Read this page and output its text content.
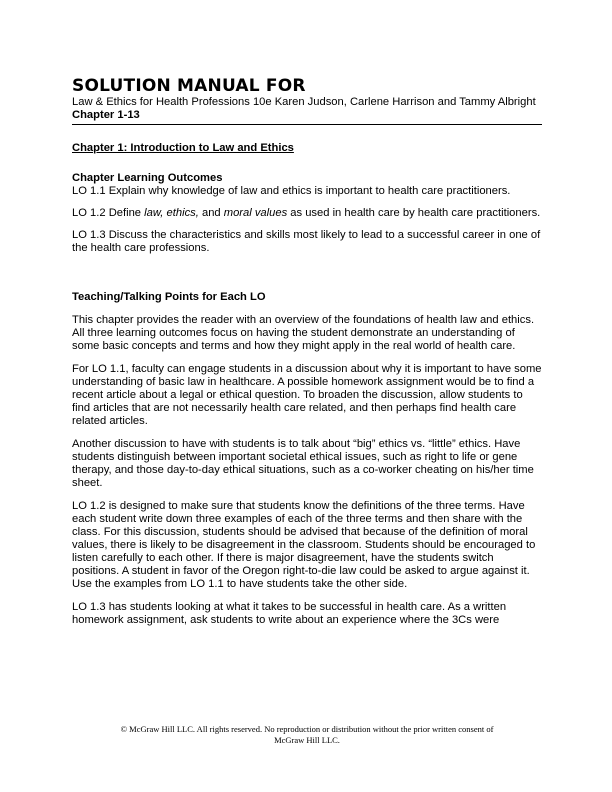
SOLUTION MANUAL FOR

Law & Ethics for Health Professions 10e Karen Judson, Carlene Harrison and Tammy Albright

Chapter 1-13

Chapter 1: Introduction to Law and Ethics

Chapter Learning Outcomes

LO 1.1 Explain why knowledge of law and ethics is important to health care practitioners.

LO 1.2 Define law, ethics, and moral values as used in health care by health care practitioners.

LO 1.3 Discuss the characteristics and skills most likely to lead to a successful career in one of the health care professions.

Teaching/Talking Points for Each LO

This chapter provides the reader with an overview of the foundations of health law and ethics. All three learning outcomes focus on having the student demonstrate an understanding of some basic concepts and terms and how they might apply in the real world of health care.

For LO 1.1, faculty can engage students in a discussion about why it is important to have some understanding of basic law in healthcare. A possible homework assignment would be to find a recent article about a legal or ethical question. To broaden the discussion, allow students to find articles that are not necessarily health care related, and then perhaps find health care related articles.

Another discussion to have with students is to talk about “big” ethics vs. “little” ethics. Have students distinguish between important societal ethical issues, such as right to life or gene therapy, and those day-to-day ethical situations, such as a co-worker cheating on his/her time sheet.

LO 1.2 is designed to make sure that students know the definitions of the three terms. Have each student write down three examples of each of the three terms and then share with the class. For this discussion, students should be advised that because of the definition of moral values, there is likely to be disagreement in the classroom. Students should be encouraged to listen carefully to each other. If there is major disagreement, have the students switch positions. A student in favor of the Oregon right-to-die law could be asked to argue against it. Use the examples from LO 1.1 to have students take the other side.

LO 1.3 has students looking at what it takes to be successful in health care. As a written homework assignment, ask students to write about an experience where the 3Cs were

© McGraw Hill LLC. All rights reserved. No reproduction or distribution without the prior written consent of
McGraw Hill LLC.
